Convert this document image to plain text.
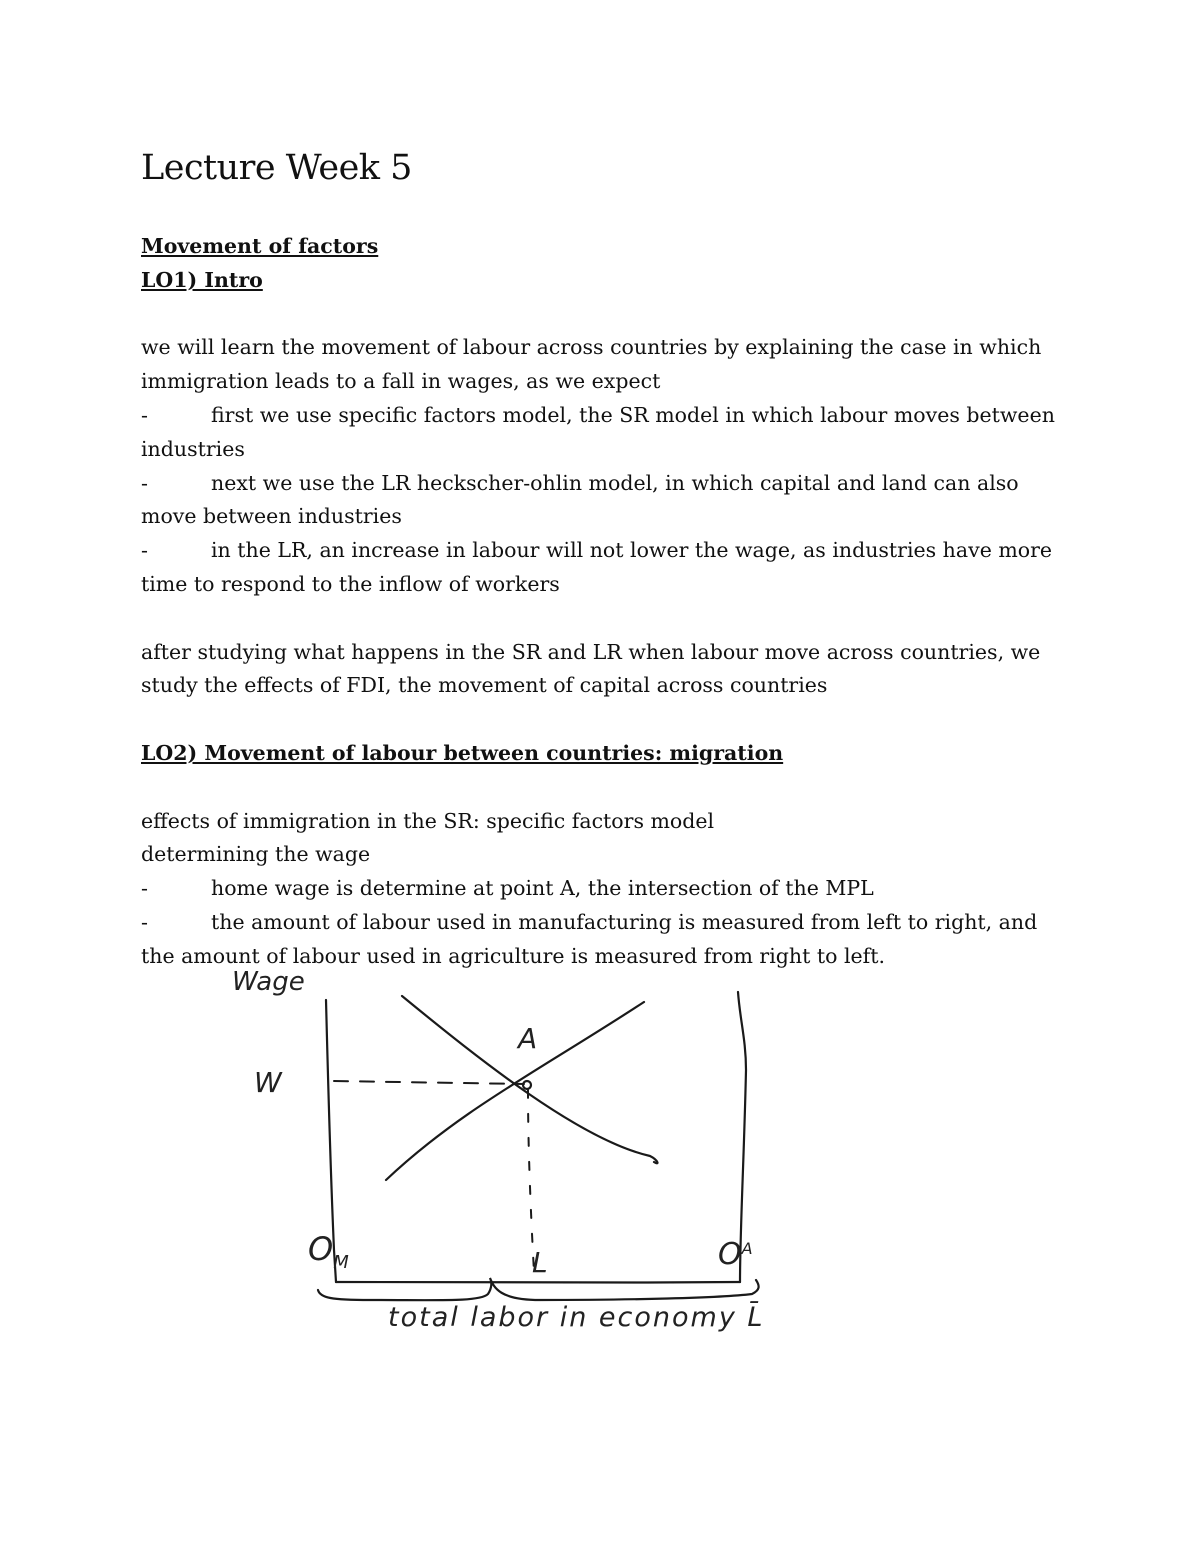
Lecture Week 5

Movement of factors

LO1) Intro

we will learn the movement of labour across countries by explaining the case in which immigration leads to a fall in wages, as we expect

-	first we use specific factors model, the SR model in which labour moves between industries

-	next we use the LR heckscher-ohlin model, in which capital and land can also move between industries

-	in the LR, an increase in labour will not lower the wage, as industries have more time to respond to the inflow of workers

after studying what happens in the SR and LR when labour move across countries, we study the effects of FDI, the movement of capital across countries

LO2) Movement of labour between countries: migration

effects of immigration in the SR: specific factors model

determining the wage

-	home wage is determine at point A, the intersection of the MPL

-	the amount of labour used in manufacturing is measured from left to right, and the amount of labour used in agriculture is measured from right to left.

Wage
W
A
$O_M$	L	$O^A$
total labor in economy L̄
